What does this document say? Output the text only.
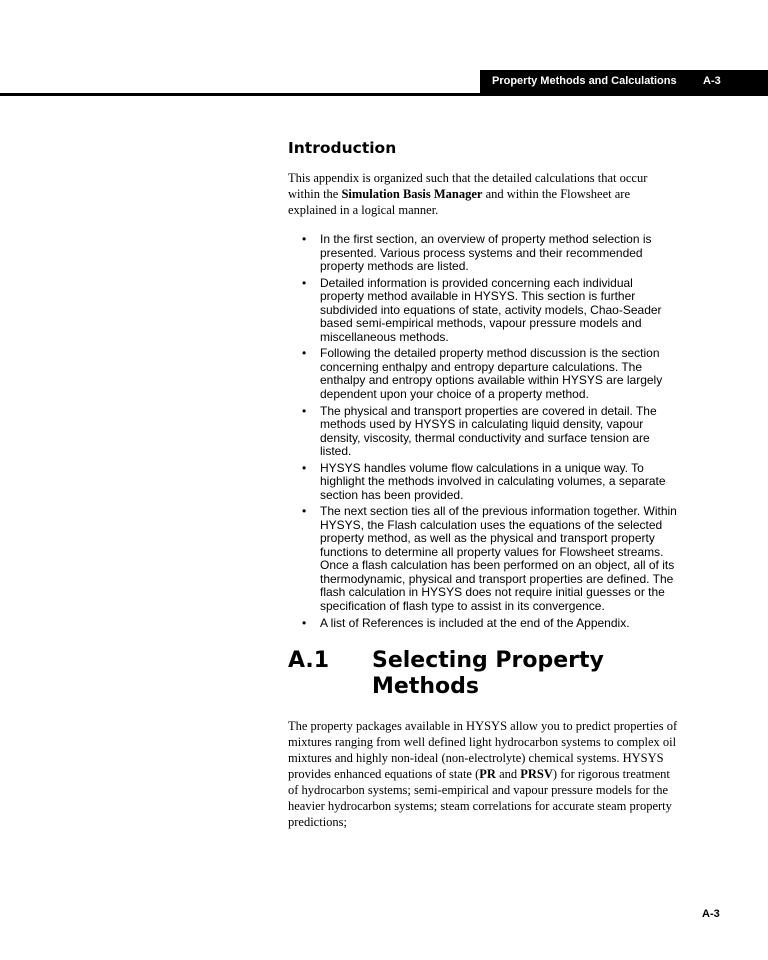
Property Methods and Calculations A-3
Introduction

This appendix is organized such that the detailed calculations that occur within the Simulation Basis Manager and within the Flowsheet are explained in a logical manner.

• In the first section, an overview of property method selection is presented. Various process systems and their recommended property methods are listed.
• Detailed information is provided concerning each individual property method available in HYSYS. This section is further subdivided into equations of state, activity models, Chao-Seader based semi-empirical methods, vapour pressure models and miscellaneous methods.
• Following the detailed property method discussion is the section concerning enthalpy and entropy departure calculations. The enthalpy and entropy options available within HYSYS are largely dependent upon your choice of a property method.
• The physical and transport properties are covered in detail. The methods used by HYSYS in calculating liquid density, vapour density, viscosity, thermal conductivity and surface tension are listed.
• HYSYS handles volume flow calculations in a unique way. To highlight the methods involved in calculating volumes, a separate section has been provided.
• The next section ties all of the previous information together. Within HYSYS, the Flash calculation uses the equations of the selected property method, as well as the physical and transport property functions to determine all property values for Flowsheet streams. Once a flash calculation has been performed on an object, all of its thermodynamic, physical and transport properties are defined. The flash calculation in HYSYS does not require initial guesses or the specification of flash type to assist in its convergence.
• A list of References is included at the end of the Appendix.
A.1 Selecting Property Methods

The property packages available in HYSYS allow you to predict properties of mixtures ranging from well defined light hydrocarbon systems to complex oil mixtures and highly non-ideal (non-electrolyte) chemical systems. HYSYS provides enhanced equations of state (PR and PRSV) for rigorous treatment of hydrocarbon systems; semi-empirical and vapour pressure models for the heavier hydrocarbon systems; steam correlations for accurate steam property predictions;

A-3
